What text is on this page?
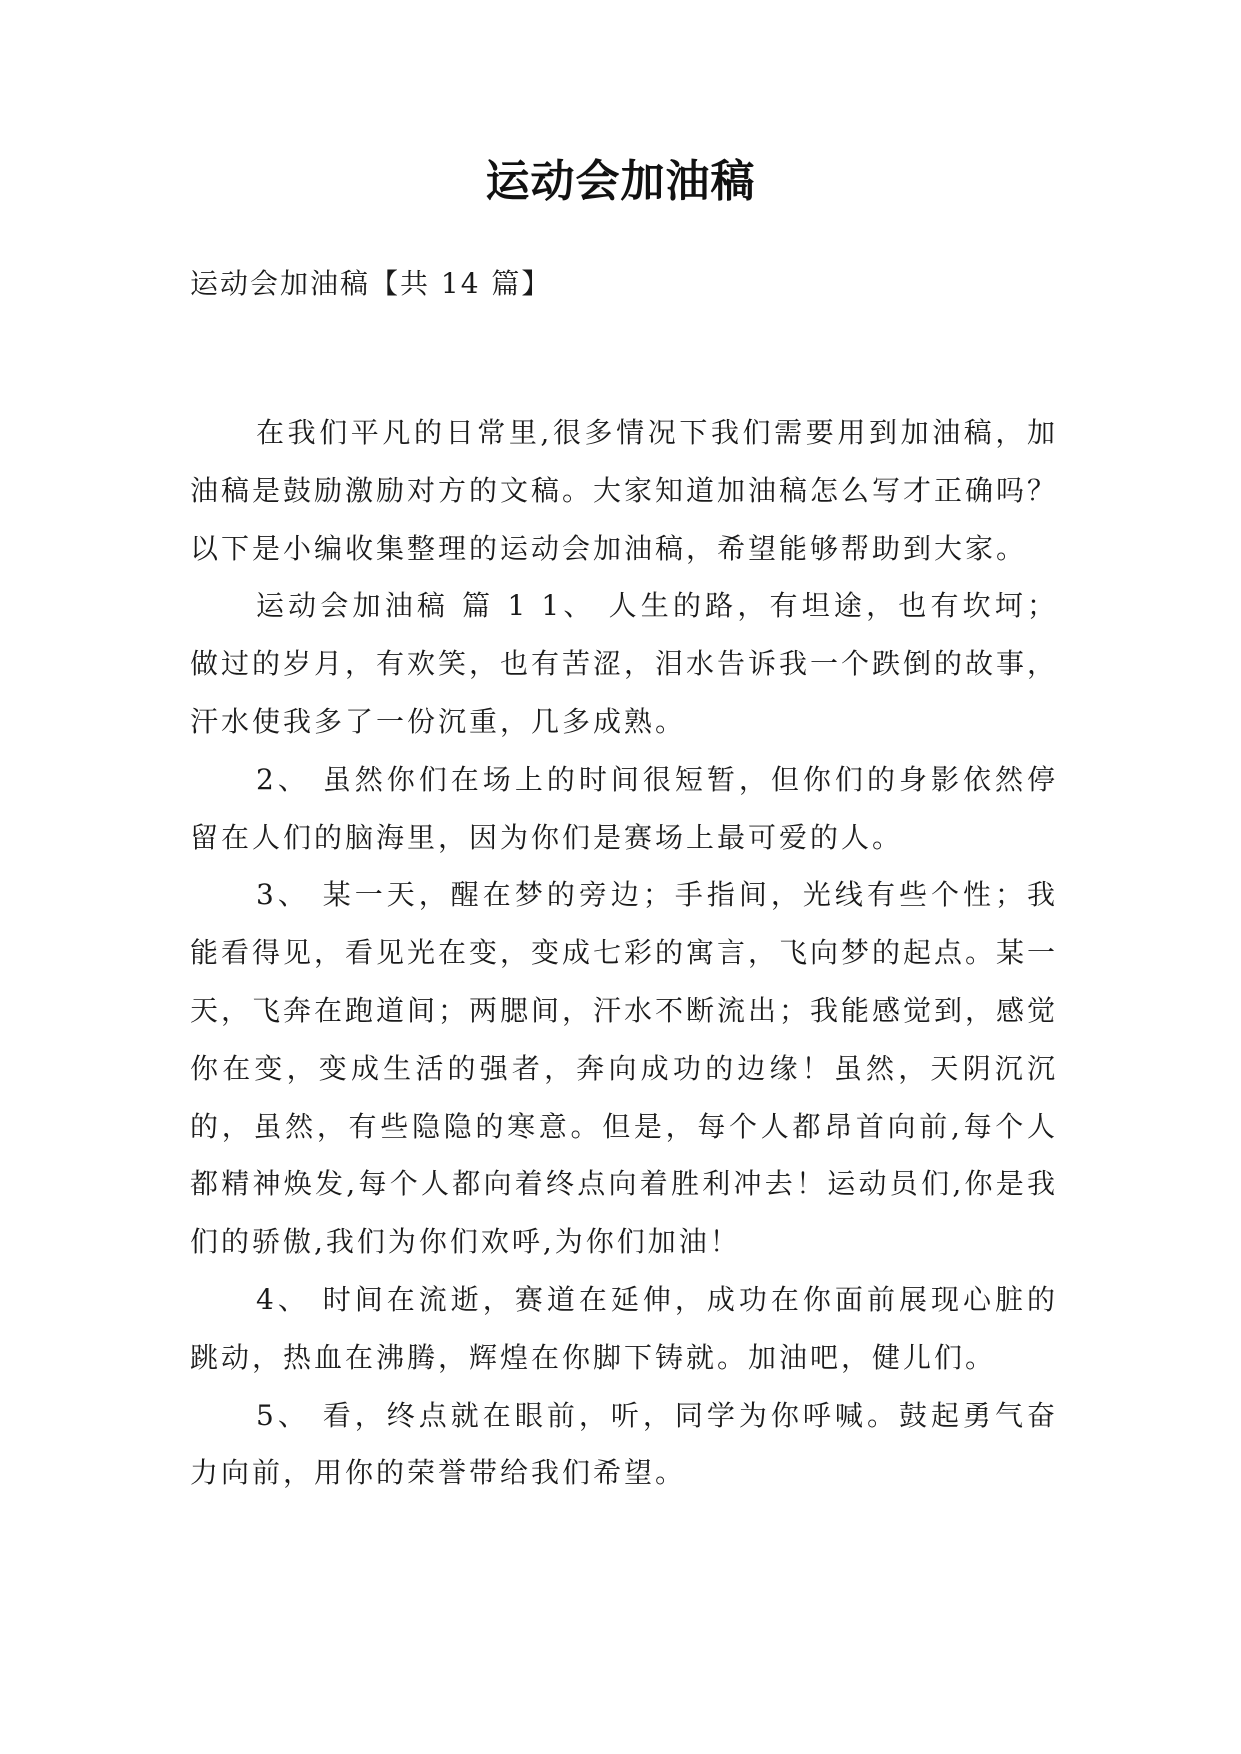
运动会加油稿
运动会加油稿【共 14 篇】

在我们平凡的日常里,很多情况下我们需要用到加油稿，加油稿是鼓励激励对方的文稿。大家知道加油稿怎么写才正确吗？以下是小编收集整理的运动会加油稿，希望能够帮助到大家。

运动会加油稿 篇 1 1、 人生的路，有坦途，也有坎坷；做过的岁月，有欢笑，也有苦涩，泪水告诉我一个跌倒的故事，汗水使我多了一份沉重，几多成熟。

2、 虽然你们在场上的时间很短暂，但你们的身影依然停留在人们的脑海里，因为你们是赛场上最可爱的人。

3、 某一天，醒在梦的旁边；手指间，光线有些个性；我能看得见，看见光在变，变成七彩的寓言，飞向梦的起点。某一天，飞奔在跑道间；两腮间，汗水不断流出；我能感觉到，感觉你在变，变成生活的强者，奔向成功的边缘！虽然，天阴沉沉的，虽然，有些隐隐的寒意。但是，每个人都昂首向前,每个人都精神焕发,每个人都向着终点向着胜利冲去！运动员们,你是我们的骄傲,我们为你们欢呼,为你们加油！

4、 时间在流逝，赛道在延伸，成功在你面前展现心脏的跳动，热血在沸腾，辉煌在你脚下铸就。加油吧，健儿们。

5、 看，终点就在眼前，听，同学为你呼喊。鼓起勇气奋力向前，用你的荣誉带给我们希望。
